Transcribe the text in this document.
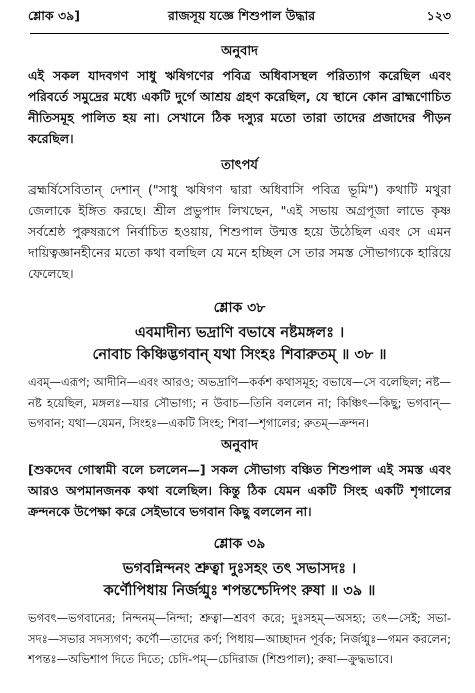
শ্লোক ৩৯]	রাজসূয় যজ্ঞে শিশুপাল উদ্ধার	১২৩
অনুবাদ

এই সকল যাদবগণ সাধু ঋষিগণের পবিত্র অধিবাসস্থল পরিত্যাগ করেছিল এবং পরিবর্তে সমুদ্রের মধ্যে একটি দুর্গে আশ্রয় গ্রহণ করেছিল, যে স্থানে কোন ব্রাহ্মণোচিত নীতিসমূহ পালিত হয় না। সেখানে ঠিক দস্যুর মতো তারা তাদের প্রজাদের পীড়ন করেছিল।

তাৎপর্য

ব্রহ্মর্ষিসেবিতান্ দেশান্ ("সাধু ঋষিগণ দ্বারা অধিবাসি পবিত্র ভূমি") কথাটি মথুরা জেলাকে ইঙ্গিত করছে। শ্রীল প্রভুপাদ লিখছেন, "এই সভায় অগ্রপূজা লাভে কৃষ্ণ সর্বশ্রেষ্ঠ পুরুষরূপে নির্বাচিত হওয়ায়, শিশুপাল উন্মত্ত হয়ে উঠেছিল এবং সে এমন দায়িত্বজ্ঞানহীনের মতো কথা বলছিল যে মনে হচ্ছিল সে তার সমস্ত সৌভাগ্যকে হারিয়ে ফেলেছে।

শ্লোক ৩৮

এবমাদীন্য ভদ্রাণি বভাষে নষ্টমঙ্গলঃ ।

নোবাচ কিঞ্চিদ্ভগবান্ যথা সিংহঃ শিবারুতম্ ॥ ৩৮ ॥

এবম্—এরূপ; আদীনি—এবং আরও; অভদ্রাণি—কর্কশ কথাসমূহ; বভাষে—সে বলেছিল; নষ্ট—নষ্ট হয়েছিল, মঙ্গলঃ—যার সৌভাগ্য; ন উবাচ—তিনি বললেন না; কিঞ্চিৎ—কিছু; ভগবান্—ভগবান; যথা—যেমন, সিংহঃ—একটি সিংহ; শিবা—শৃগালের; রুতম্—ক্রন্দন।

অনুবাদ

[শুকদেব গোস্বামী বলে চললেন—] সকল সৌভাগ্য বঞ্চিত শিশুপাল এই সমস্ত এবং আরও অপমানজনক কথা বলেছিল। কিন্তু ঠিক যেমন একটি সিংহ একটি শৃগালের ক্রন্দনকে উপেক্ষা করে সেইভাবে ভগবান কিছু বললেন না।

শ্লোক ৩৯

ভগবন্নিন্দনং শ্রুত্বা দুঃসহং তৎ সভাসদঃ ।

কর্ণৌপিধায় নির্জগ্মুঃ শপন্তশ্চেদিপং রুষা ॥ ৩৯ ॥

ভগবৎ—ভগবানের; নিন্দনম্—নিন্দা; শ্রুত্বা—শ্রবণ করে; দুঃসহম্—অসহ্য; তৎ—সেই; সভা-সদঃ—সভার সদস্যগণ; কর্ণৌ—তাদের কর্ণ; পিধায়—আচ্ছাদন পূর্বক; নির্জগ্মুঃ—গমন করলেন; শপন্তঃ—অভিশাপ দিতে দিতে; চেদি-পম্—চেদিরাজ (শিশুপাল); রুষা—ক্রুদ্ধভাবে।
